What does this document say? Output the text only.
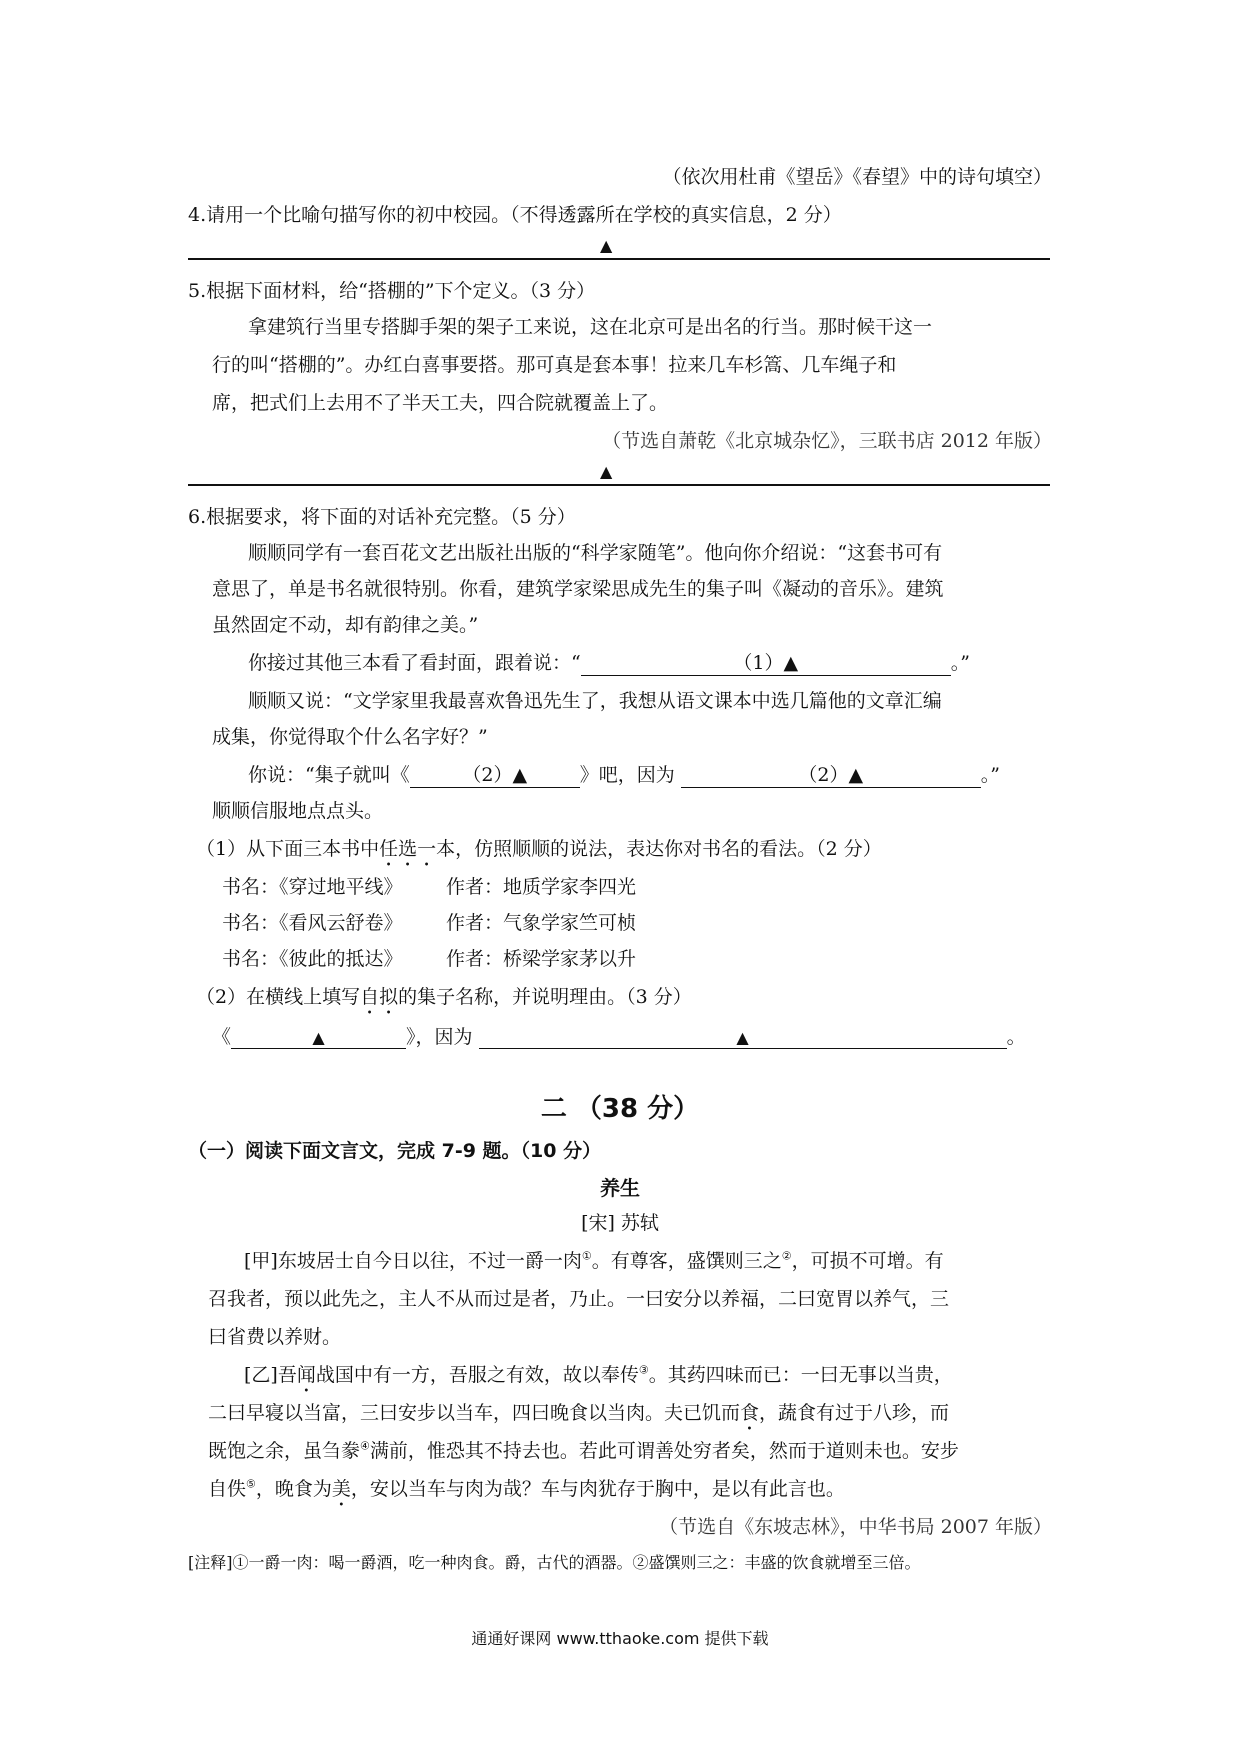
（依次用杜甫《望岳》《春望》中的诗句填空）
4.请用一个比喻句描写你的初中校园。（不得透露所在学校的真实信息，2 分）
▲
5.根据下面材料，给“搭棚的”下个定义。（3 分）
拿建筑行当里专搭脚手架的架子工来说，这在北京可是出名的行当。那时候干这一
行的叫“搭棚的”。办红白喜事要搭。那可真是套本事！拉来几车杉篙、几车绳子和
席，把式们上去用不了半天工夫，四合院就覆盖上了。
（节选自萧乾《北京城杂忆》，三联书店 2012 年版）
▲
6.根据要求，将下面的对话补充完整。（5 分）
顺顺同学有一套百花文艺出版社出版的“科学家随笔”。他向你介绍说：“这套书可有
意思了，单是书名就很特别。你看，建筑学家梁思成先生的集子叫《凝动的音乐》。建筑
虽然固定不动，却有韵律之美。”
你接过其他三本看了看封面，跟着说：“	（1）▲	。”
顺顺又说：“文学家里我最喜欢鲁迅先生了，我想从语文课本中选几篇他的文章汇编
成集，你觉得取个什么名字好？”
你说：“集子就叫《	（2）▲	》吧，因为	（2）▲	。”
顺顺信服地点点头。
（1）从下面三本书中任选一本，仿照顺顺的说法，表达你对书名的看法。（2 分）
书名：《穿过地平线》 作者：地质学家李四光
书名：《看风云舒卷》 作者：气象学家竺可桢
书名：《彼此的抵达》 作者：桥梁学家茅以升
（2）在横线上填写自拟的集子名称，并说明理由。（3 分）
《	▲	》，因为	▲	。
二 （38 分）
（一）阅读下面文言文，完成 7-9 题。（10 分）
养生
[宋] 苏轼
[甲]东坡居士自今日以往，不过一爵一肉①。有尊客，盛馔则三之②，可损不可增。有
召我者，预以此先之，主人不从而过是者，乃止。一曰安分以养福，二曰宽胃以养气，三
曰省费以养财。
[乙]吾闻战国中有一方，吾服之有效，故以奉传③。其药四味而已：一曰无事以当贵，
二曰早寝以当富，三曰安步以当车，四曰晚食以当肉。夫已饥而食，蔬食有过于八珍，而
既饱之余，虽刍豢④满前，惟恐其不持去也。若此可谓善处穷者矣，然而于道则未也。安步
自佚⑤，晚食为美，安以当车与肉为哉？车与肉犹存于胸中，是以有此言也。
（节选自《东坡志林》，中华书局 2007 年版）
[注释]①一爵一肉：喝一爵酒，吃一种肉食。爵，古代的酒器。②盛馔则三之：丰盛的饮食就增至三倍。
通通好课网 www.tthaoke.com 提供下载
